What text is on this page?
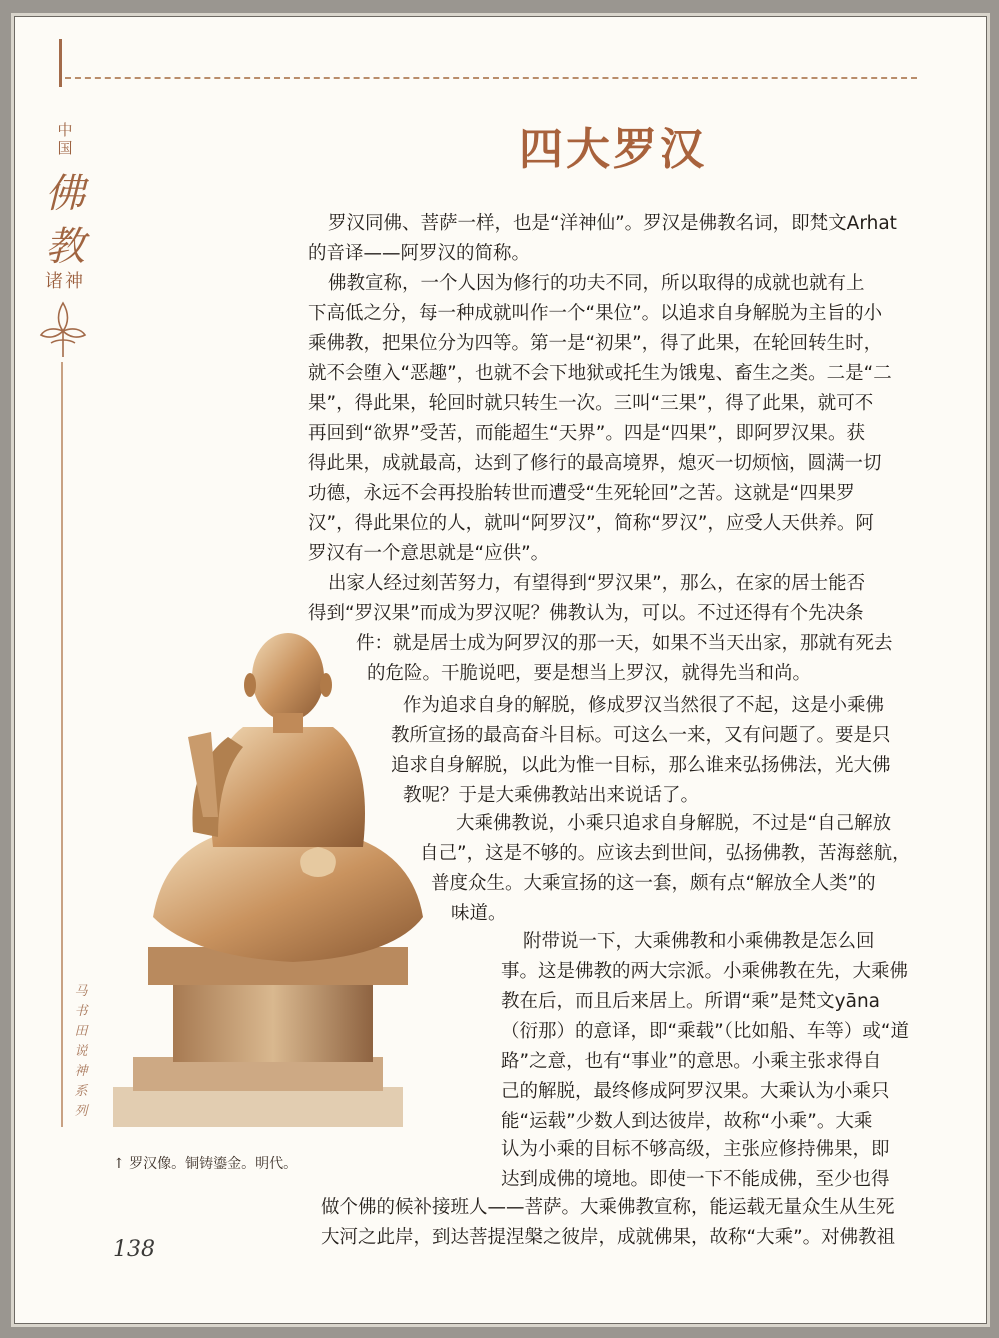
中国
佛
教
诸神
马
书
田
说
神
系
列
四大罗汉
↑ 罗汉像。铜铸鎏金。明代。
138
罗汉同佛、菩萨一样，也是“洋神仙”。罗汉是佛教名词，即梵文Arhat
的音译——阿罗汉的简称。
佛教宣称，一个人因为修行的功夫不同，所以取得的成就也就有上
下高低之分，每一种成就叫作一个“果位”。以追求自身解脱为主旨的小
乘佛教，把果位分为四等。第一是“初果”，得了此果，在轮回转生时，
就不会堕入“恶趣”，也就不会下地狱或托生为饿鬼、畜生之类。二是“二
果”，得此果，轮回时就只转生一次。三叫“三果”，得了此果，就可不
再回到“欲界”受苦，而能超生“天界”。四是“四果”，即阿罗汉果。获
得此果，成就最高，达到了修行的最高境界，熄灭一切烦恼，圆满一切
功德，永远不会再投胎转世而遭受“生死轮回”之苦。这就是“四果罗
汉”，得此果位的人，就叫“阿罗汉”，简称“罗汉”，应受人天供养。阿
罗汉有一个意思就是“应供”。
出家人经过刻苦努力，有望得到“罗汉果”，那么，在家的居士能否
得到“罗汉果”而成为罗汉呢？佛教认为，可以。不过还得有个先决条
件：就是居士成为阿罗汉的那一天，如果不当天出家，那就有死去
的危险。干脆说吧，要是想当上罗汉，就得先当和尚。
作为追求自身的解脱，修成罗汉当然很了不起，这是小乘佛
教所宣扬的最高奋斗目标。可这么一来，又有问题了。要是只
追求自身解脱，以此为惟一目标，那么谁来弘扬佛法，光大佛
教呢？于是大乘佛教站出来说话了。
大乘佛教说，小乘只追求自身解脱，不过是“自己解放
自己”，这是不够的。应该去到世间，弘扬佛教，苦海慈航，
普度众生。大乘宣扬的这一套，颇有点“解放全人类”的
味道。
附带说一下，大乘佛教和小乘佛教是怎么回
事。这是佛教的两大宗派。小乘佛教在先，大乘佛
教在后，而且后来居上。所谓“乘”是梵文yāna
（衍那）的意译，即“乘载”（比如船、车等）或“道
路”之意，也有“事业”的意思。小乘主张求得自
己的解脱，最终修成阿罗汉果。大乘认为小乘只
能“运载”少数人到达彼岸，故称“小乘”。大乘
认为小乘的目标不够高级，主张应修持佛果，即
达到成佛的境地。即使一下不能成佛，至少也得
做个佛的候补接班人——菩萨。大乘佛教宣称，能运载无量众生从生死
大河之此岸，到达菩提涅槃之彼岸，成就佛果，故称“大乘”。对佛教祖
